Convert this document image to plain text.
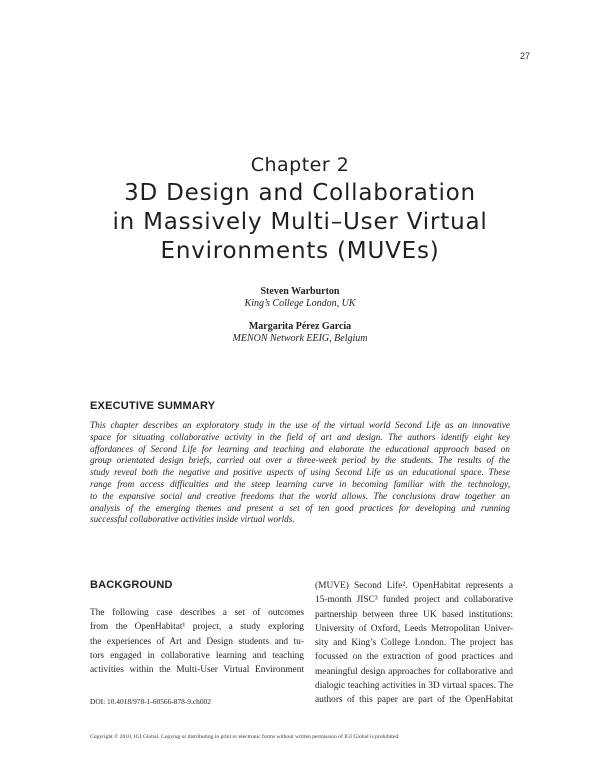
27
Chapter 2
3D Design and Collaboration
in Massively Multi–User Virtual
Environments (MUVEs)
Steven Warburton
King’s College London, UK
Margarita Pérez García
MENON Network EEIG, Belgium
EXECUTIVE SUMMARY
This chapter describes an exploratory study in the use of the virtual world Second Life as an innovative
space for situating collaborative activity in the field of art and design. The authors identify eight key
affordances of Second Life for learning and teaching and elaborate the educational approach based on
group orientated design briefs, carried out over a three-week period by the students. The results of the
study reveal both the negative and positive aspects of using Second Life as an educational space. These
range from access difficulties and the steep learning curve in becoming familiar with the technology,
to the expansive social and creative freedoms that the world allows. The conclusions draw together an
analysis of the emerging themes and present a set of ten good practices for developing and running
successful collaborative activities inside virtual worlds.
BACKGROUND
The following case describes a set of outcomes
from the OpenHabitat¹ project, a study exploring
the experiences of Art and Design students and tu-
tors engaged in collaborative learning and teaching
activities within the Multi-User Virtual Environment
(MUVE) Second Life². OpenHabitat represents a
15-month JISC³ funded project and collaborative
partnership between three UK based institutions:
University of Oxford, Leeds Metropolitan Univer-
sity and King’s College London. The project has
focussed on the extraction of good practices and
meaningful design approaches for collaborative and
dialogic teaching activities in 3D virtual spaces. The
authors of this paper are part of the OpenHabitat
DOI: 10.4018/978-1-60566-878-9.ch002
Copyright © 2010, IGI Global. Copying or distributing in print or electronic forms without written permission of IGI Global is prohibited.
